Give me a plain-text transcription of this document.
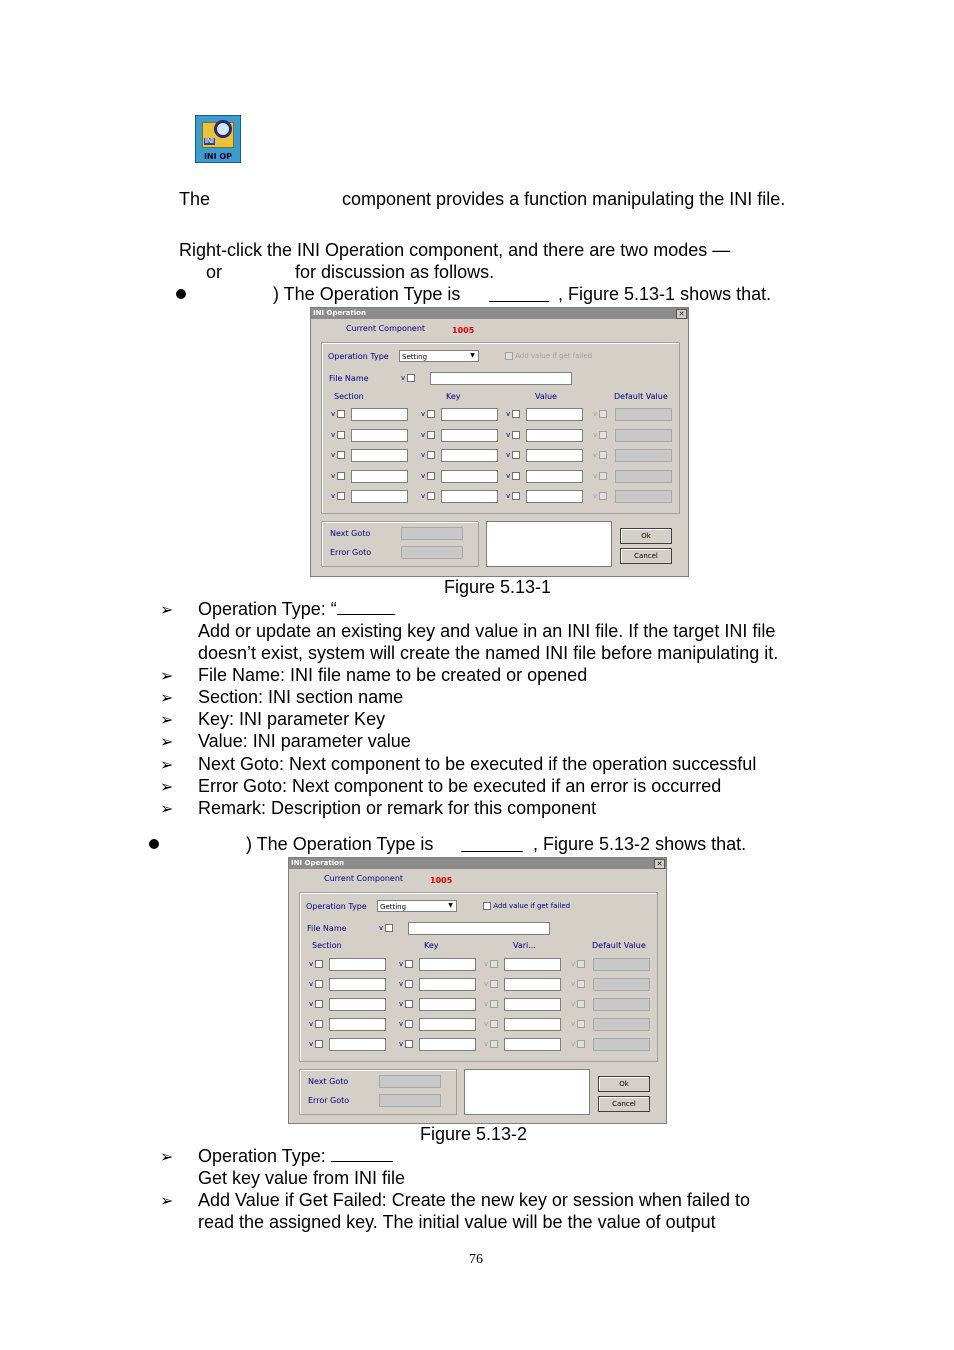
INI
INI OP
The	component provides a function manipulating the INI file.
Right-click the INI Operation component, and there are two modes —
or	for discussion as follows.
) The Operation Type is	, Figure 5.13-1 shows that.
INI Operation	✕
Current Component	1005
Operation Type	Setting	▼	Add value if get failed
File Name	v
Section	Key	Value	Default Value
v	v	v	v
v	v	v	v
v	v	v	v
v	v	v	v
v	v	v	v
Next Goto
Error Goto
Ok
Cancel
Figure 5.13-1
➢ Operation Type: “
Add or update an existing key and value in an INI file. If the target INI file
doesn’t exist, system will create the named INI file before manipulating it.
➢ File Name: INI file name to be created or opened
➢ Section: INI section name
➢ Key: INI parameter Key
➢ Value: INI parameter value
➢ Next Goto: Next component to be executed if the operation successful
➢ Error Goto: Next component to be executed if an error is occurred
➢ Remark: Description or remark for this component
) The Operation Type is	, Figure 5.13-2 shows that.
INI Operation	✕
Current Component	1005
Operation Type	Getting	▼	Add value if get failed
File Name	v
Section	Key	Vari...	Default Value
v	v	v	v
v	v	v	v
v	v	v	v
v	v	v	v
v	v	v	v
Next Goto
Error Goto
Ok
Cancel
Figure 5.13-2
➢ Operation Type:
Get key value from INI file
➢ Add Value if Get Failed: Create the new key or session when failed to
read the assigned key. The initial value will be the value of output
76
